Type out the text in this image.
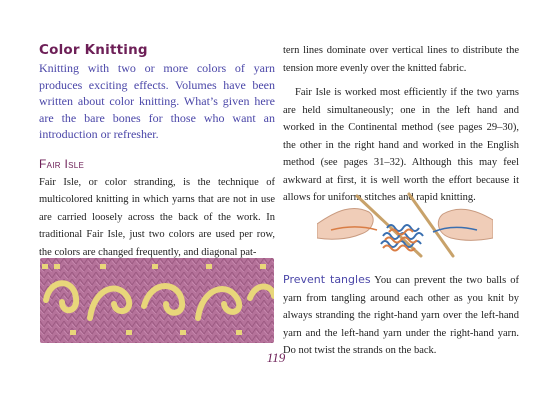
Color Knitting

Knitting with two or more colors of yarn produces exciting effects. Volumes have been written about color knitting. What’s given here are the bare bones for those who want an introduction or refresher.

Fair Isle

Fair Isle, or color stranding, is the technique of multicolored knitting in which yarns that are not in use are carried loosely across the back of the work. In traditional Fair Isle, just two colors are used per row, the colors are changed frequently, and diagonal pat-

tern lines dominate over vertical lines to distribute the tension more evenly over the knitted fabric.

Fair Isle is worked most efficiently if the two yarns are held simultaneously; one in the left hand and worked in the Continental method (see pages 29–30), the other in the right hand and worked in the English method (see pages 31–32). Although this may feel awkward at first, it is well worth the effort because it allows for uniform stitches and rapid knitting.

Prevent tangles You can prevent the two balls of yarn from tangling around each other as you knit by always stranding the right-hand yarn over the left-hand yarn and the left-hand yarn under the right-hand yarn. Do not twist the strands on the back.

119
